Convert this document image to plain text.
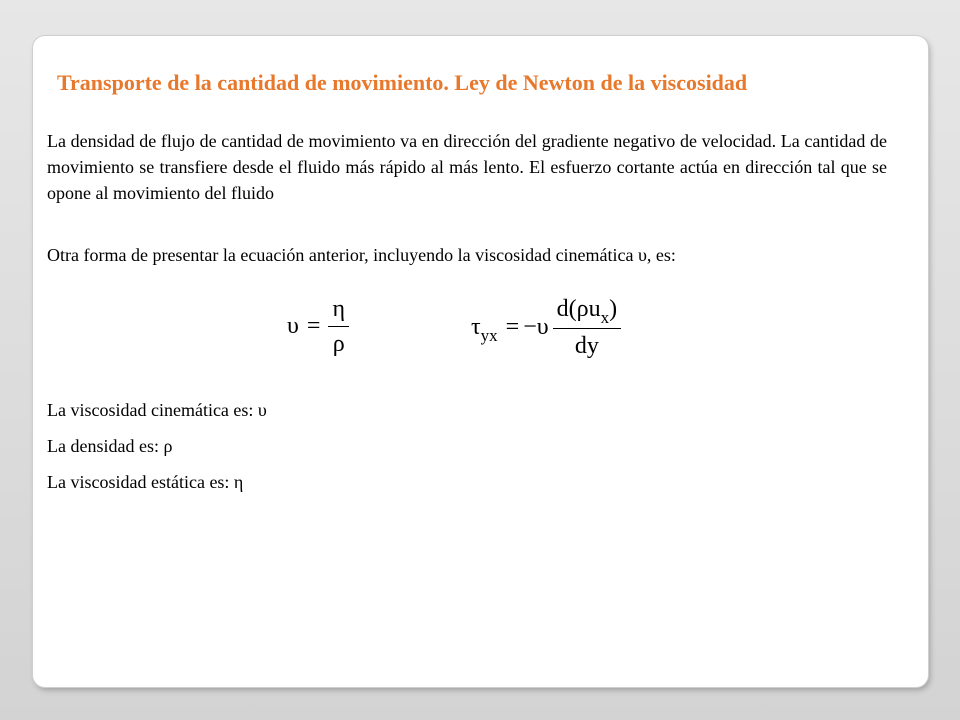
Transporte de la cantidad de movimiento. Ley de Newton de la viscosidad

La densidad de flujo de cantidad de movimiento va en dirección del gradiente negativo de velocidad. La cantidad de movimiento se transfiere desde el fluido más rápido al más lento. El esfuerzo cortante actúa en dirección tal que se opone al movimiento del fluido

Otra forma de presentar la ecuación anterior, incluyendo la viscosidad cinemática υ, es:

$\upsilon = \frac{\eta}{\rho}$	$\tau_{yx} = -\upsilon \frac{d(\rho u_x)}{dy}$

La viscosidad cinemática es: υ

La densidad es: ρ

La viscosidad estática es: η
